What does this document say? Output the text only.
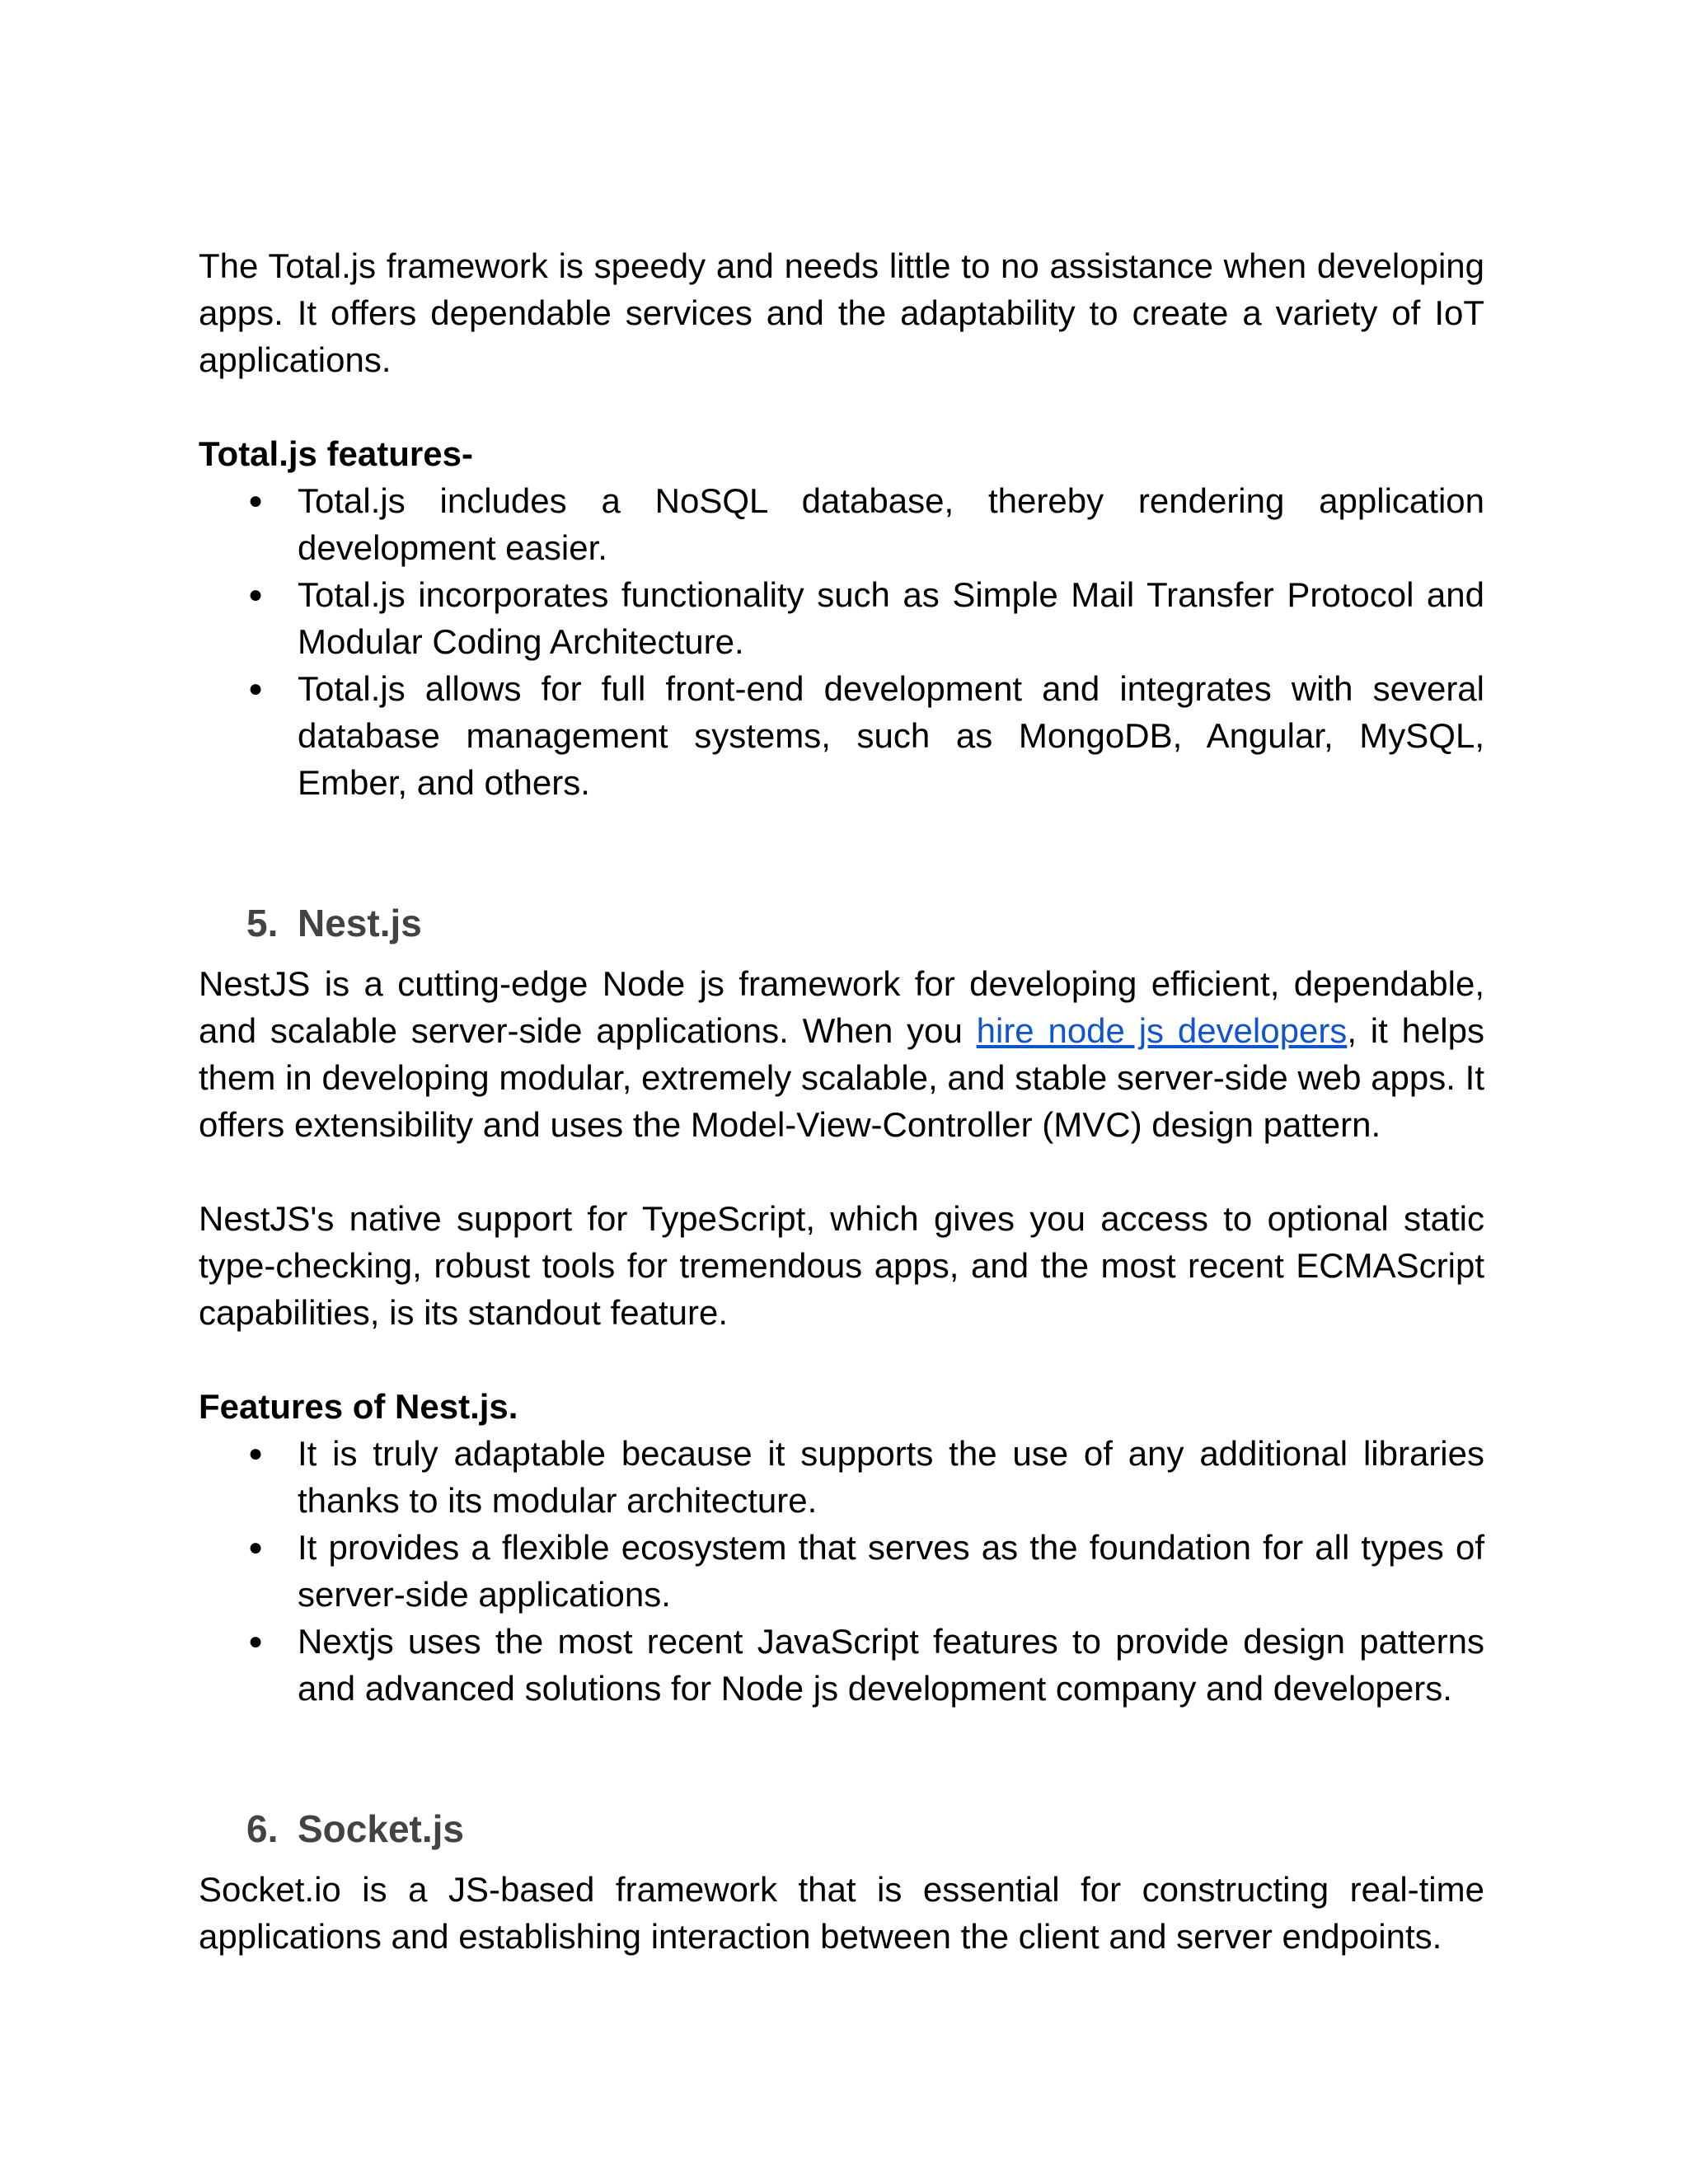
The Total.js framework is speedy and needs little to no assistance when developing apps. It offers dependable services and the adaptability to create a variety of IoT applications.

Total.js features-

● Total.js includes a NoSQL database, thereby rendering application development easier.
● Total.js incorporates functionality such as Simple Mail Transfer Protocol and Modular Coding Architecture.
● Total.js allows for full front-end development and integrates with several database management systems, such as MongoDB, Angular, MySQL, Ember, and others.
5. Nest.js

NestJS is a cutting-edge Node js framework for developing efficient, dependable, and scalable server-side applications. When you hire node js developers, it helps them in developing modular, extremely scalable, and stable server-side web apps. It offers extensibility and uses the Model-View-Controller (MVC) design pattern.

NestJS's native support for TypeScript, which gives you access to optional static type-checking, robust tools for tremendous apps, and the most recent ECMAScript capabilities, is its standout feature.

Features of Nest.js.

● It is truly adaptable because it supports the use of any additional libraries thanks to its modular architecture.
● It provides a flexible ecosystem that serves as the foundation for all types of server-side applications.
● Nextjs uses the most recent JavaScript features to provide design patterns and advanced solutions for Node js development company and developers.
6. Socket.js

Socket.io is a JS-based framework that is essential for constructing real-time applications and establishing interaction between the client and server endpoints.
